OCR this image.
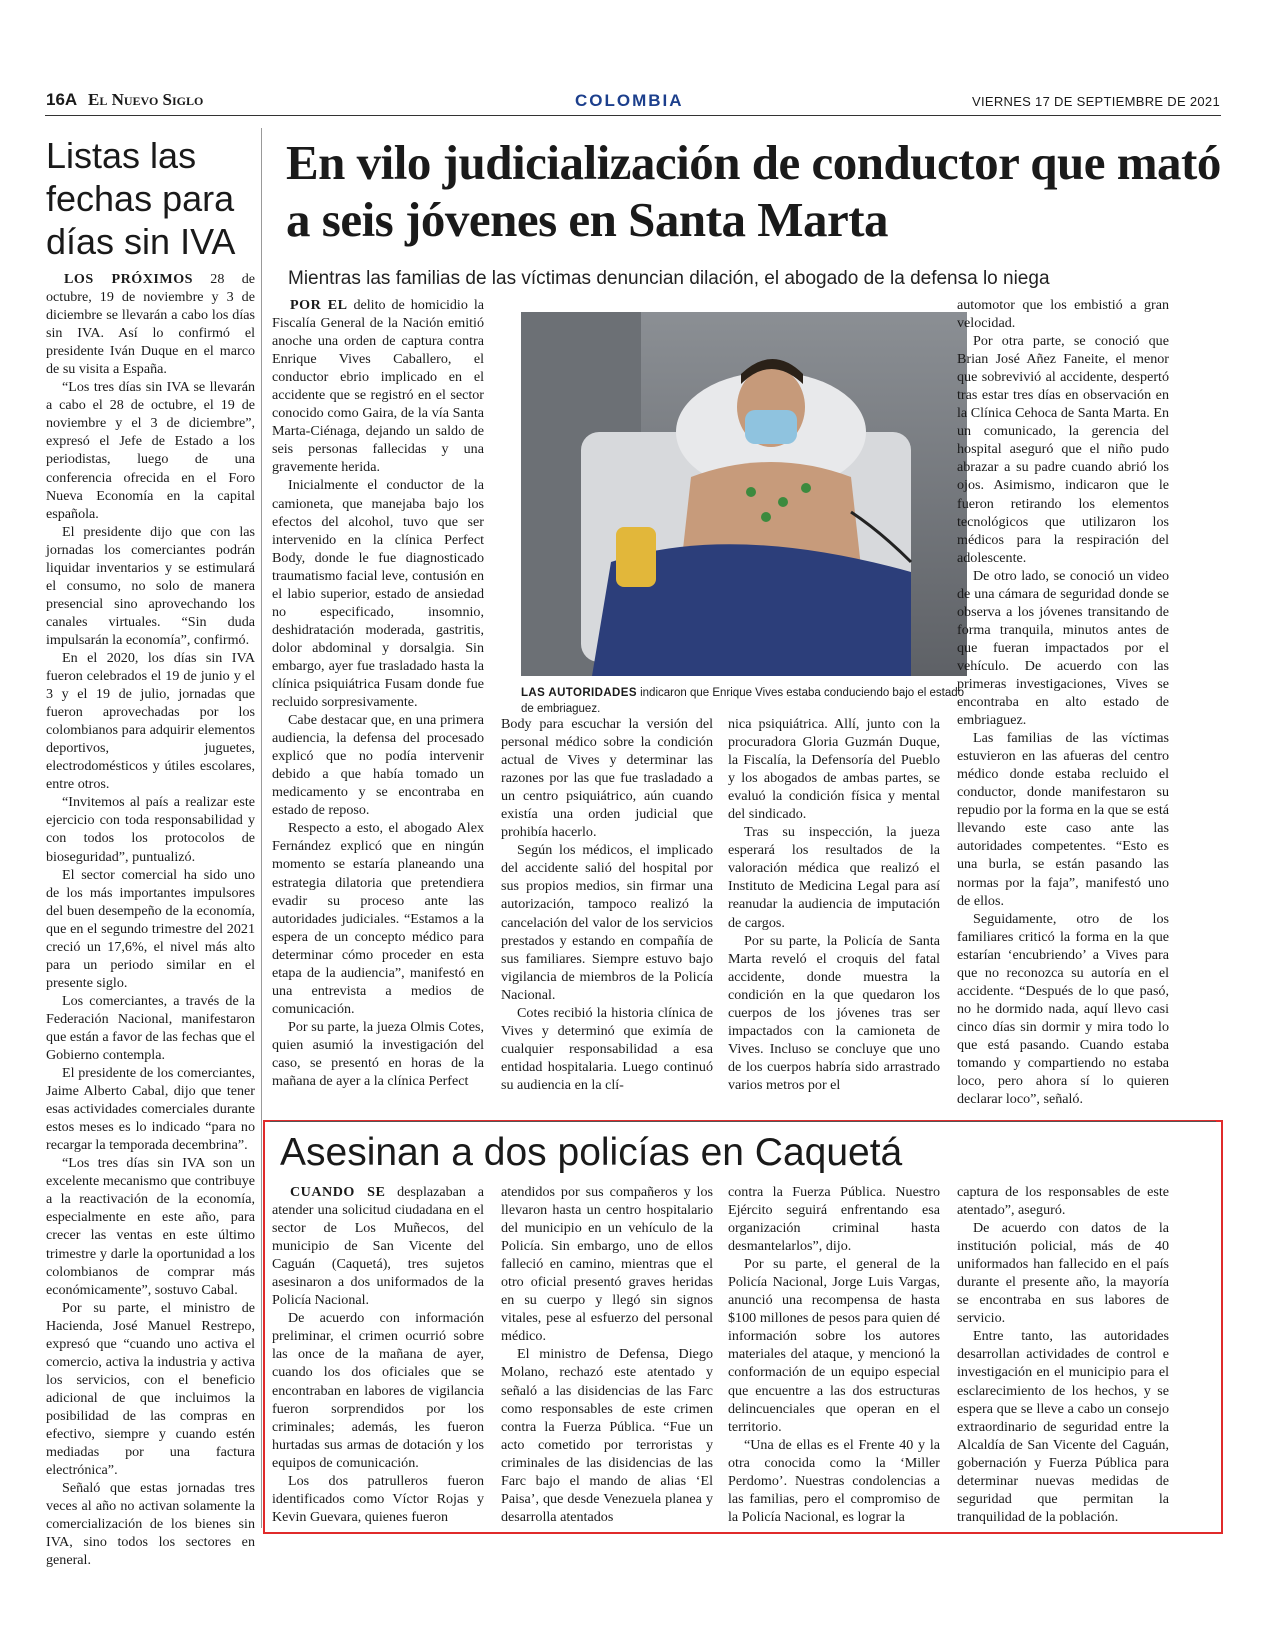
16A El Nuevo Siglo	COLOMBIA	VIERNES 17 DE SEPTIEMBRE DE 2021
Listas las fechas para días sin IVA

LOS PRÓXIMOS 28 de octubre, 19 de noviembre y 3 de diciembre se llevarán a cabo los días sin IVA. Así lo confirmó el presidente Iván Duque en el marco de su visita a España.

“Los tres días sin IVA se llevarán a cabo el 28 de octubre, el 19 de noviembre y el 3 de diciembre”, expresó el Jefe de Estado a los periodistas, luego de una conferencia ofrecida en el Foro Nueva Economía en la capital española.

El presidente dijo que con las jornadas los comerciantes podrán liquidar inventarios y se estimulará el consumo, no solo de manera presencial sino aprovechando los canales virtuales. “Sin duda impulsarán la economía”, confirmó.

En el 2020, los días sin IVA fueron celebrados el 19 de junio y el 3 y el 19 de julio, jornadas que fueron aprovechadas por los colombianos para adquirir elementos deportivos, juguetes, electrodomésticos y útiles escolares, entre otros.

“Invitemos al país a realizar este ejercicio con toda responsabilidad y con todos los protocolos de bioseguridad”, puntualizó.

El sector comercial ha sido uno de los más importantes impulsores del buen desempeño de la economía, que en el segundo trimestre del 2021 creció un 17,6%, el nivel más alto para un periodo similar en el presente siglo.

Los comerciantes, a través de la Federación Nacional, manifestaron que están a favor de las fechas que el Gobierno contempla.

El presidente de los comerciantes, Jaime Alberto Cabal, dijo que tener esas actividades comerciales durante estos meses es lo indicado “para no recargar la temporada decembrina”.

“Los tres días sin IVA son un excelente mecanismo que contribuye a la reactivación de la economía, especialmente en este año, para crecer las ventas en este último trimestre y darle la oportunidad a los colombianos de comprar más económicamente”, sostuvo Cabal.

Por su parte, el ministro de Hacienda, José Manuel Restrepo, expresó que “cuando uno activa el comercio, activa la industria y activa los servicios, con el beneficio adicional de que incluimos la posibilidad de las compras en efectivo, siempre y cuando estén mediadas por una factura electrónica”.

Señaló que estas jornadas tres veces al año no activan solamente la comercialización de los bienes sin IVA, sino todos los sectores en general.

En vilo judicialización de conductor que mató a seis jóvenes en Santa Marta
Mientras las familias de las víctimas denuncian dilación, el abogado de la defensa lo niega
LAS AUTORIDADES indicaron que Enrique Vives estaba conduciendo bajo el estado de embriaguez.

POR EL delito de homicidio la Fiscalía General de la Nación emitió anoche una orden de captura contra Enrique Vives Caballero, el conductor ebrio implicado en el accidente que se registró en el sector conocido como Gaira, de la vía Santa Marta-Ciénaga, dejando un saldo de seis personas fallecidas y una gravemente herida.

Inicialmente el conductor de la camioneta, que manejaba bajo los efectos del alcohol, tuvo que ser intervenido en la clínica Perfect Body, donde le fue diagnosticado traumatismo facial leve, contusión en el labio superior, estado de ansiedad no especificado, insomnio, deshidratación moderada, gastritis, dolor abdominal y dorsalgia. Sin embargo, ayer fue trasladado hasta la clínica psiquiátrica Fusam donde fue recluido sorpresivamente.

Cabe destacar que, en una primera audiencia, la defensa del procesado explicó que no podía intervenir debido a que había tomado un medicamento y se encontraba en estado de reposo.

Respecto a esto, el abogado Alex Fernández explicó que en ningún momento se estaría planeando una estrategia dilatoria que pretendiera evadir su proceso ante las autoridades judiciales. “Estamos a la espera de un concepto médico para determinar cómo proceder en esta etapa de la audiencia”, manifestó en una entrevista a medios de comunicación.

Por su parte, la jueza Olmis Cotes, quien asumió la investigación del caso, se presentó en horas de la mañana de ayer a la clínica Perfect

Body para escuchar la versión del personal médico sobre la condición actual de Vives y determinar las razones por las que fue trasladado a un centro psiquiátrico, aún cuando existía una orden judicial que prohibía hacerlo.

Según los médicos, el implicado del accidente salió del hospital por sus propios medios, sin firmar una autorización, tampoco realizó la cancelación del valor de los servicios prestados y estando en compañía de sus familiares. Siempre estuvo bajo vigilancia de miembros de la Policía Nacional.

Cotes recibió la historia clínica de Vives y determinó que eximía de cualquier responsabilidad a esa entidad hospitalaria. Luego continuó su audiencia en la clí-

nica psiquiátrica. Allí, junto con la procuradora Gloria Guzmán Duque, la Fiscalía, la Defensoría del Pueblo y los abogados de ambas partes, se evaluó la condición física y mental del sindicado.

Tras su inspección, la jueza esperará los resultados de la valoración médica que realizó el Instituto de Medicina Legal para así reanudar la audiencia de imputación de cargos.

Por su parte, la Policía de Santa Marta reveló el croquis del fatal accidente, donde muestra la condición en la que quedaron los cuerpos de los jóvenes tras ser impactados con la camioneta de Vives. Incluso se concluye que uno de los cuerpos habría sido arrastrado varios metros por el

automotor que los embistió a gran velocidad.

Por otra parte, se conoció que Brian José Añez Faneite, el menor que sobrevivió al accidente, despertó tras estar tres días en observación en la Clínica Cehoca de Santa Marta. En un comunicado, la gerencia del hospital aseguró que el niño pudo abrazar a su padre cuando abrió los ojos. Asimismo, indicaron que le fueron retirando los elementos tecnológicos que utilizaron los médicos para la respiración del adolescente.

De otro lado, se conoció un video de una cámara de seguridad donde se observa a los jóvenes transitando de forma tranquila, minutos antes de que fueran impactados por el vehículo. De acuerdo con las primeras investigaciones, Vives se encontraba en alto estado de embriaguez.

Las familias de las víctimas estuvieron en las afueras del centro médico donde estaba recluido el conductor, donde manifestaron su repudio por la forma en la que se está llevando este caso ante las autoridades competentes. “Esto es una burla, se están pasando las normas por la faja”, manifestó uno de ellos.

Seguidamente, otro de los familiares criticó la forma en la que estarían ‘encubriendo’ a Vives para que no reconozca su autoría en el accidente. “Después de lo que pasó, no he dormido nada, aquí llevo casi cinco días sin dormir y mira todo lo que está pasando. Cuando estaba tomando y compartiendo no estaba loco, pero ahora sí lo quieren declarar loco”, señaló.

Asesinan a dos policías en Caquetá

CUANDO SE desplazaban a atender una solicitud ciudadana en el sector de Los Muñecos, del municipio de San Vicente del Caguán (Caquetá), tres sujetos asesinaron a dos uniformados de la Policía Nacional.

De acuerdo con información preliminar, el crimen ocurrió sobre las once de la mañana de ayer, cuando los dos oficiales que se encontraban en labores de vigilancia fueron sorprendidos por los criminales; además, les fueron hurtadas sus armas de dotación y los equipos de comunicación.

Los dos patrulleros fueron identificados como Víctor Rojas y Kevin Guevara, quienes fueron

atendidos por sus compañeros y los llevaron hasta un centro hospitalario del municipio en un vehículo de la Policía. Sin embargo, uno de ellos falleció en camino, mientras que el otro oficial presentó graves heridas en su cuerpo y llegó sin signos vitales, pese al esfuerzo del personal médico.

El ministro de Defensa, Diego Molano, rechazó este atentado y señaló a las disidencias de las Farc como responsables de este crimen contra la Fuerza Pública. “Fue un acto cometido por terroristas y criminales de las disidencias de las Farc bajo el mando de alias ‘El Paisa’, que desde Venezuela planea y desarrolla atentados

contra la Fuerza Pública. Nuestro Ejército seguirá enfrentando esa organización criminal hasta desmantelarlos”, dijo.

Por su parte, el general de la Policía Nacional, Jorge Luis Vargas, anunció una recompensa de hasta $100 millones de pesos para quien dé información sobre los autores materiales del ataque, y mencionó la conformación de un equipo especial que encuentre a las dos estructuras delincuenciales que operan en el territorio.

“Una de ellas es el Frente 40 y la otra conocida como la ‘Miller Perdomo’. Nuestras condolencias a las familias, pero el compromiso de la Policía Nacional, es lograr la

captura de los responsables de este atentado”, aseguró.

De acuerdo con datos de la institución policial, más de 40 uniformados han fallecido en el país durante el presente año, la mayoría se encontraba en sus labores de servicio.

Entre tanto, las autoridades desarrollan actividades de control e investigación en el municipio para el esclarecimiento de los hechos, y se espera que se lleve a cabo un consejo extraordinario de seguridad entre la Alcaldía de San Vicente del Caguán, gobernación y Fuerza Pública para determinar nuevas medidas de seguridad que permitan la tranquilidad de la población.
